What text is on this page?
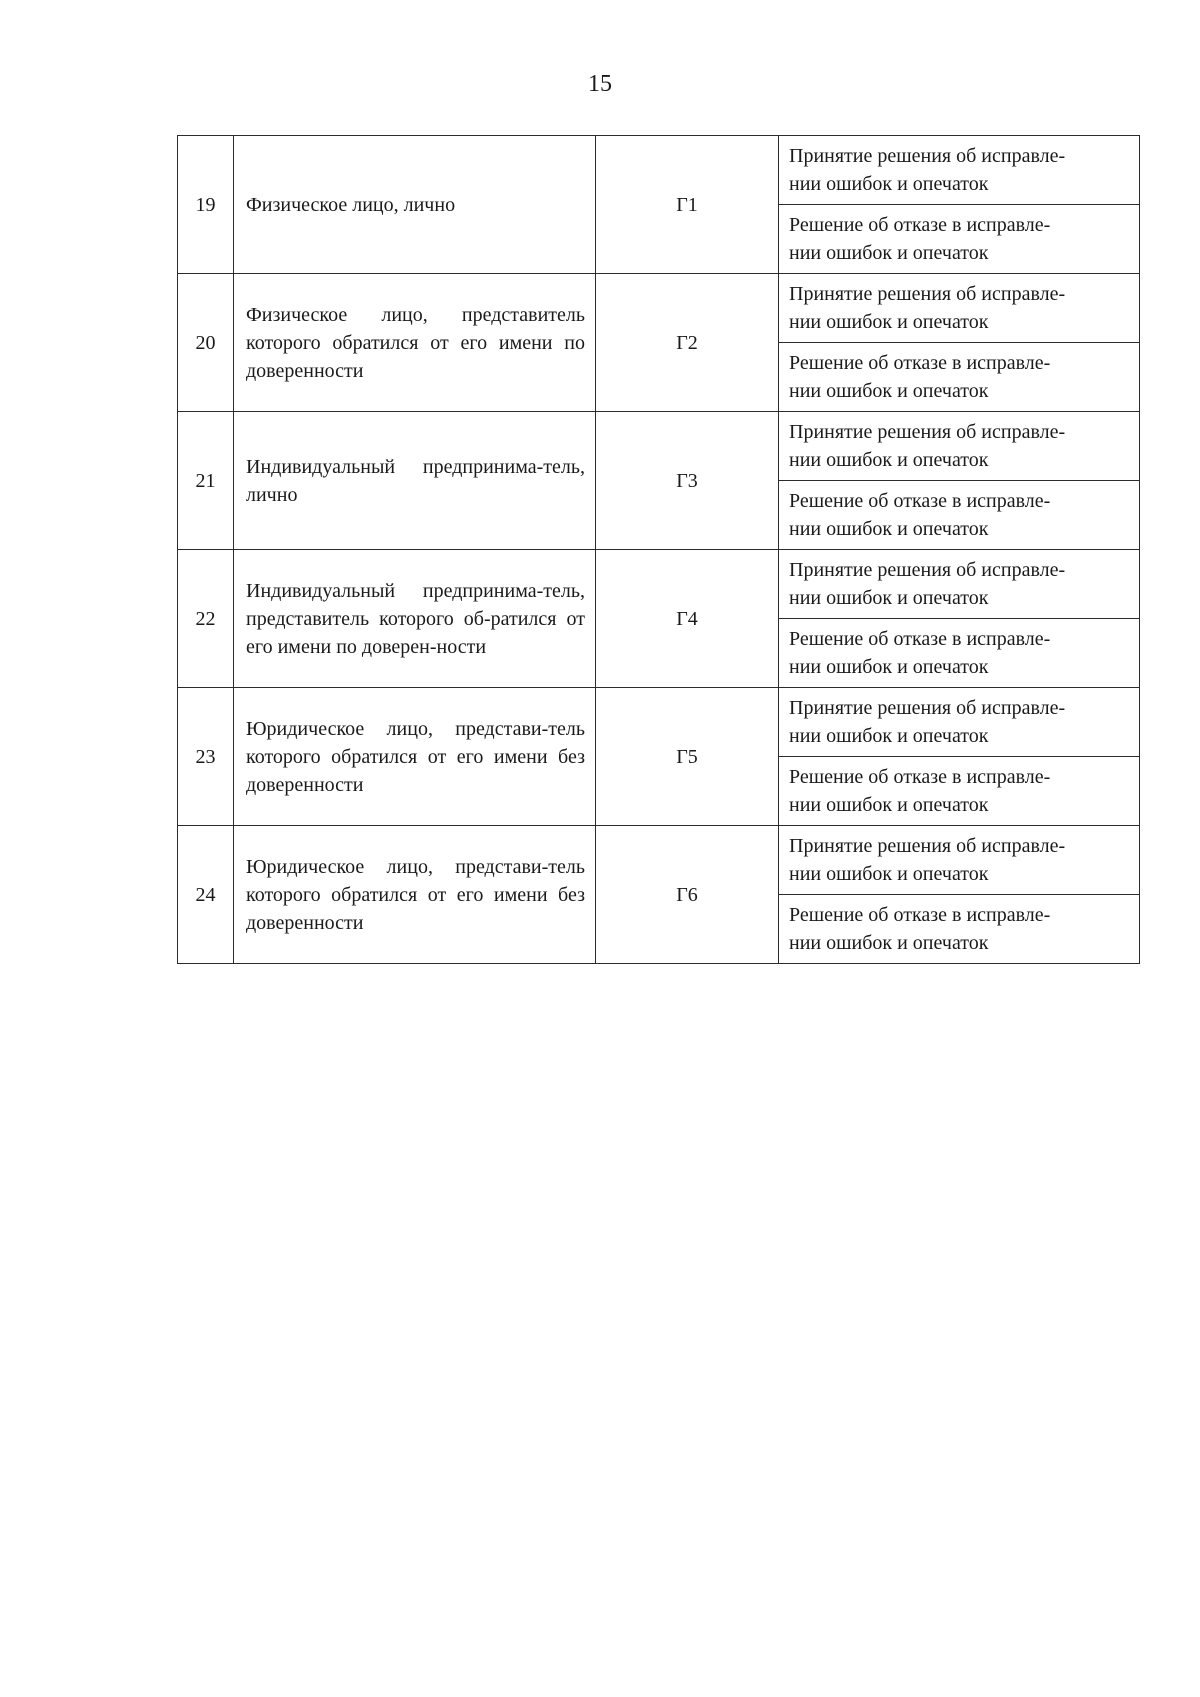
15
19	Физическое лицо, лично	Г1	Принятие решения об исправле-
нии ошибок и опечаток

			Решение об отказе в исправле-
нии ошибок и опечаток

20	Физическое лицо, представитель которого обратился от его имени по доверенности	Г2	Принятие решения об исправле-
нии ошибок и опечаток

			Решение об отказе в исправле-
нии ошибок и опечаток

21	Индивидуальный предпринима-тель, лично	Г3	Принятие решения об исправле-
нии ошибок и опечаток

			Решение об отказе в исправле-
нии ошибок и опечаток

22	Индивидуальный предпринима-тель, представитель которого об-ратился от его имени по доверен-ности	Г4	Принятие решения об исправле-
нии ошибок и опечаток

			Решение об отказе в исправле-
нии ошибок и опечаток

23	Юридическое лицо, представи-тель которого обратился от его имени без доверенности	Г5	Принятие решения об исправле-
нии ошибок и опечаток

			Решение об отказе в исправле-
нии ошибок и опечаток

24	Юридическое лицо, представи-тель которого обратился от его имени без доверенности	Г6	Принятие решения об исправле-
нии ошибок и опечаток

			Решение об отказе в исправле-
нии ошибок и опечаток
